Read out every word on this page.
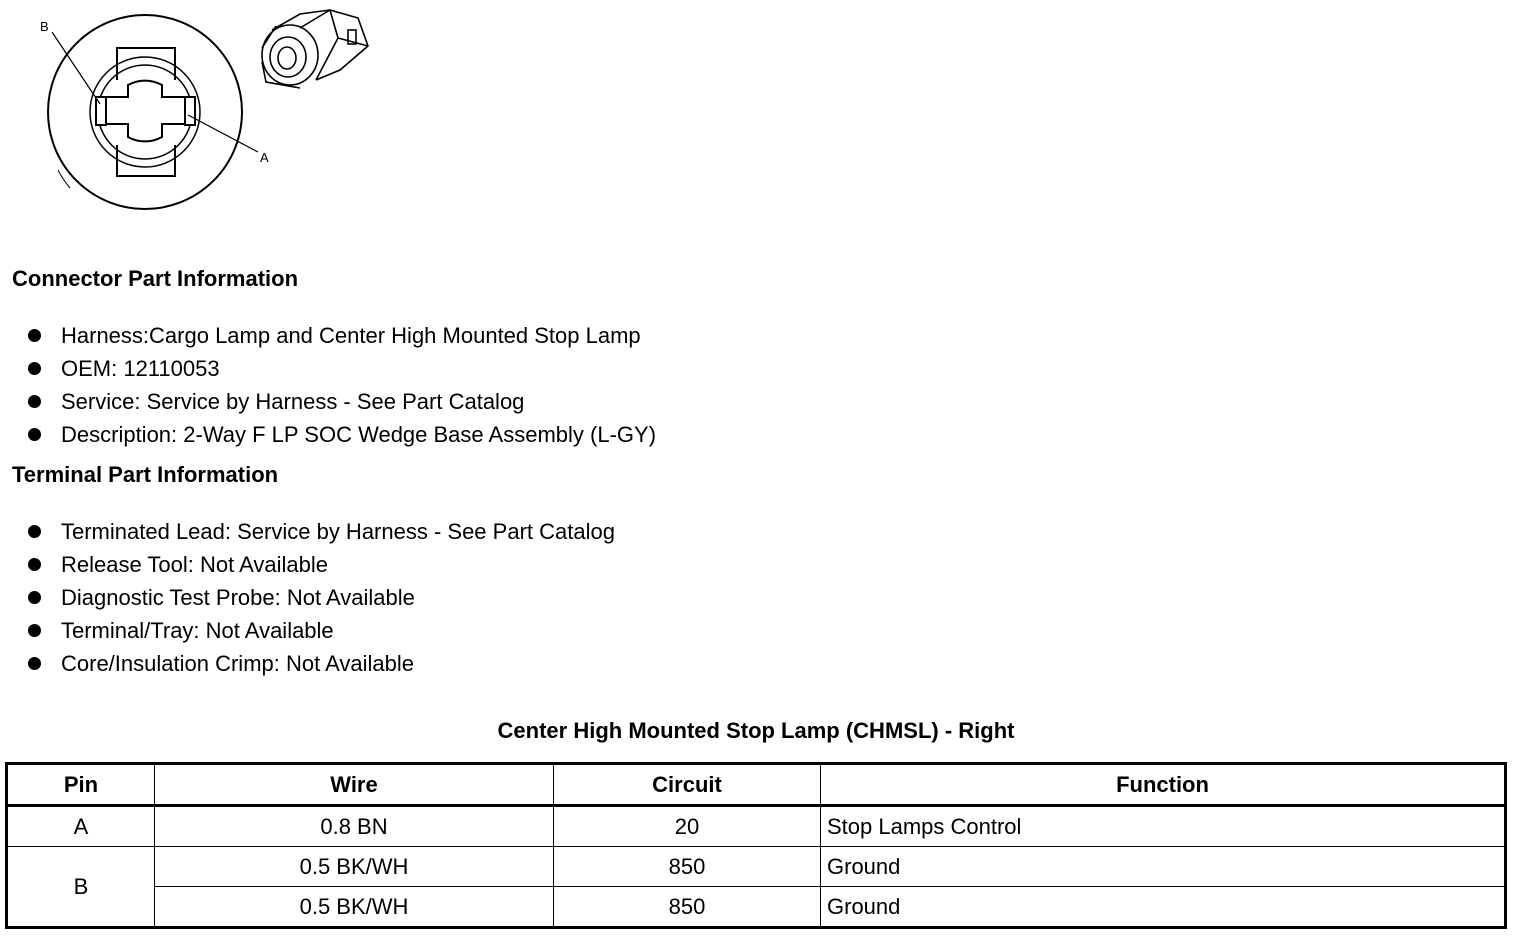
B
A
Connector Part Information
Harness:Cargo Lamp and Center High Mounted Stop Lamp
OEM: 12110053
Service: Service by Harness - See Part Catalog
Description: 2-Way F LP SOC Wedge Base Assembly (L-GY)
Terminal Part Information
Terminated Lead: Service by Harness - See Part Catalog
Release Tool: Not Available
Diagnostic Test Probe: Not Available
Terminal/Tray: Not Available
Core/Insulation Crimp: Not Available
Center High Mounted Stop Lamp (CHMSL) - Right
Pin	Wire	Circuit	Function
A	0.8 BN	20	Stop Lamps Control
B	0.5 BK/WH	850	Ground
	0.5 BK/WH	850	Ground
